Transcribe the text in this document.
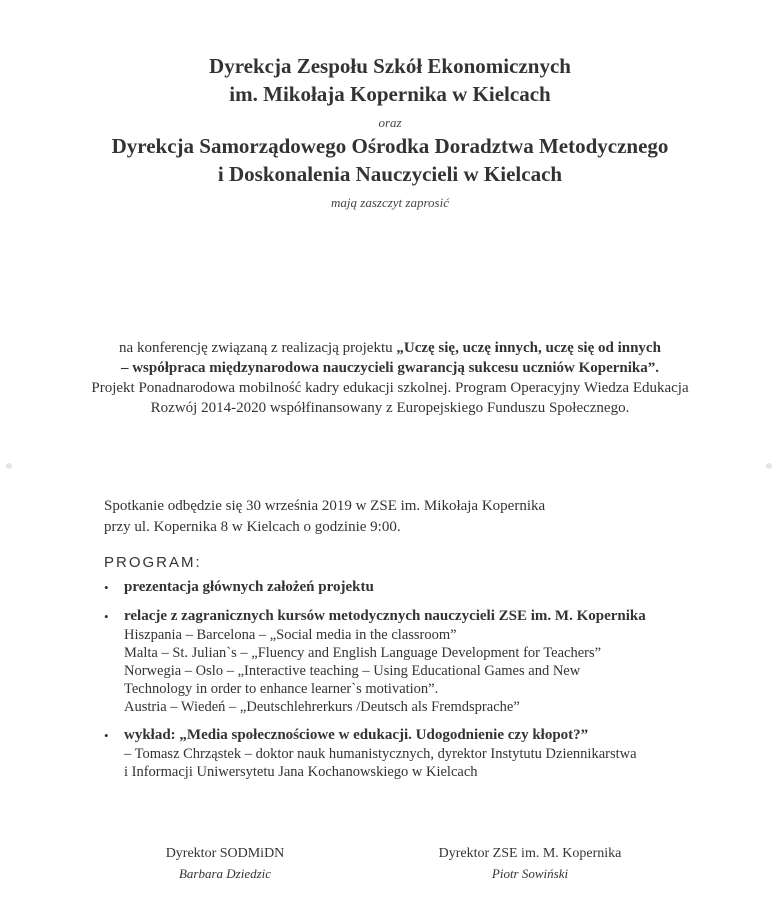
Dyrekcja Zespołu Szkół Ekonomicznych
im. Mikołaja Kopernika w Kielcach
oraz
Dyrekcja Samorządowego Ośrodka Doradztwa Metodycznego
i Doskonalenia Nauczycieli w Kielcach
mają zaszczyt zaprosić
na konferencję związaną z realizacją projektu „Uczę się, uczę innych, uczę się od innych
– współpraca międzynarodowa nauczycieli gwarancją sukcesu uczniów Kopernika”.
Projekt Ponadnarodowa mobilność kadry edukacji szkolnej. Program Operacyjny Wiedza Edukacja
Rozwój 2014-2020 współfinansowany z Europejskiego Funduszu Społecznego.
Spotkanie odbędzie się 30 września 2019 w ZSE im. Mikołaja Kopernika
przy ul. Kopernika 8 w Kielcach o godzinie 9:00.
PROGRAM:
• prezentacja głównych założeń projektu
• relacje z zagranicznych kursów metodycznych nauczycieli ZSE im. M. Kopernika
Hiszpania – Barcelona – „Social media in the classroom”
Malta – St. Julian`s – „Fluency and English Language Development for Teachers”
Norwegia – Oslo – „Interactive teaching – Using Educational Games and New
Technology in order to enhance learner`s motivation”.
Austria – Wiedeń – „Deutschlehrerkurs /Deutsch als Fremdsprache”
• wykład: „Media społecznościowe w edukacji. Udogodnienie czy kłopot?”
– Tomasz Chrząstek – doktor nauk humanistycznych, dyrektor Instytutu Dziennikarstwa
i Informacji Uniwersytetu Jana Kochanowskiego w Kielcach
Dyrektor SODMiDN
Barbara Dziedzic
Dyrektor ZSE im. M. Kopernika
Piotr Sowiński
